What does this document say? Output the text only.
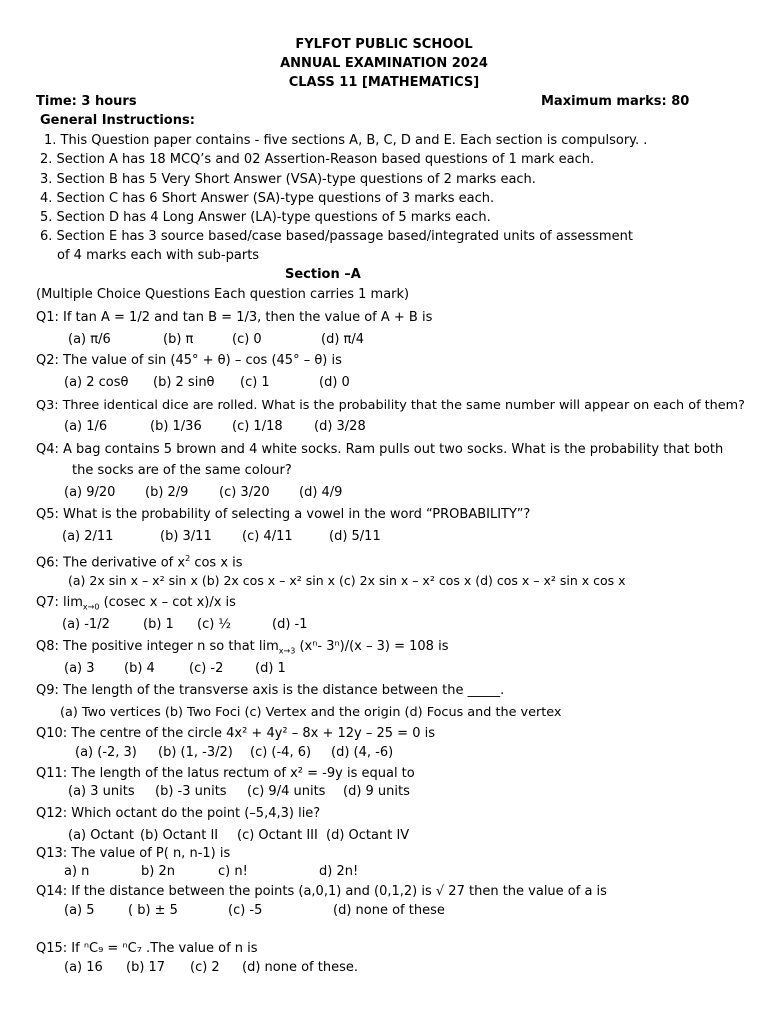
FYLFOT PUBLIC SCHOOL
ANNUAL EXAMINATION 2024
CLASS 11 [MATHEMATICS]
Time: 3 hours	Maximum marks: 80
General Instructions:
1. This Question paper contains - five sections A, B, C, D and E. Each section is compulsory. .
2. Section A has 18 MCQ’s and 02 Assertion-Reason based questions of 1 mark each.
3. Section B has 5 Very Short Answer (VSA)-type questions of 2 marks each.
4. Section C has 6 Short Answer (SA)-type questions of 3 marks each.
5. Section D has 4 Long Answer (LA)-type questions of 5 marks each.
6. Section E has 3 source based/case based/passage based/integrated units of assessment
of 4 marks each with sub-parts
Section –A
(Multiple Choice Questions Each question carries 1 mark)
Q1: If tan A = 1/2 and tan B = 1/3, then the value of A + B is
(a) π/6	(b) π	(c) 0	(d) π/4
Q2: The value of sin (45° + θ) – cos (45° – θ) is
(a) 2 cosθ (b) 2 sinθ (c) 1	(d) 0
Q3: Three identical dice are rolled. What is the probability that the same number will appear on each of them?
(a) 1/6	(b) 1/36 (c) 1/18 (d) 3/28
Q4: A bag contains 5 brown and 4 white socks. Ram pulls out two socks. What is the probability that both
the socks are of the same colour?
(a) 9/20 (b) 2/9 (c) 3/20 (d) 4/9
Q5: What is the probability of selecting a vowel in the word “PROBABILITY”?
(a) 2/11	(b) 3/11 (c) 4/11	(d) 5/11
Q6: The derivative of $x^2$ cos x is
(a) 2x sin x – x² sin x (b) 2x cos x – x² sin x (c) 2x sin x – x² cos x (d) cos x – x² sin x cos x
Q7: $\lim_{x\to 0} (cosec$ x – cot x)/x is
(a) -1/2	(b) 1 (c) ½	(d) -1
Q8: The positive integer n so that $\lim_{x\to 3} (x^n-$ 3ⁿ)/(x – 3) = 108 is
(a) 3 (b) 4	(c) -2 (d) 1
Q9: The length of the transverse axis is the distance between the _____.
(a) Two vertices (b) Two Foci (c) Vertex and the origin (d) Focus and the vertex
Q10: The centre of the circle 4x² + 4y² – 8x + 12y – 25 = 0 is
(a) (-2, 3) (b) (1, -3/2) (c) (-4, 6) (d) (4, -6)
Q11: The length of the latus rectum of x² = -9y is equal to
(a) 3 units (b) -3 units (c) 9/4 units (d) 9 units
Q12: Which octant do the point (–5,4,3) lie?
(a) Octant (b) Octant II (c) Octant III (d) Octant IV
Q13: The value of P( n, n-1) is
a) n	b) 2n	c) n!	d) 2n!
Q14: If the distance between the points (a,0,1) and (0,1,2) is √ 27 then the value of a is
(a) 5	( b) ± 5	(c) -5	(d) none of these
Q15: If ⁿC₉ = ⁿC₇ .The value of n is
(a) 16 (b) 17 (c) 2 (d) none of these.
